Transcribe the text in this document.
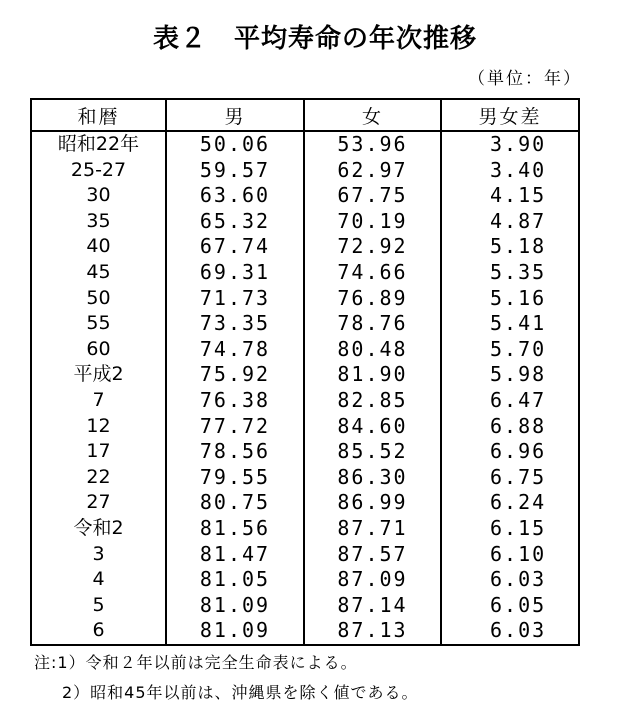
表２　平均寿命の年次推移
（単位：年）
和暦	男	女	男女差
昭和22年	50.06	53.96	3.90
25-27	59.57	62.97	3.40
30	63.60	67.75	4.15
35	65.32	70.19	4.87
40	67.74	72.92	5.18
45	69.31	74.66	5.35
50	71.73	76.89	5.16
55	73.35	78.76	5.41
60	74.78	80.48	5.70
平成2	75.92	81.90	5.98
7	76.38	82.85	6.47
12	77.72	84.60	6.88
17	78.56	85.52	6.96
22	79.55	86.30	6.75
27	80.75	86.99	6.24
令和2	81.56	87.71	6.15
3	81.47	87.57	6.10
4	81.05	87.09	6.03
5	81.09	87.14	6.05
6	81.09	87.13	6.03
注:1）令和２年以前は完全生命表による。
2）昭和45年以前は、沖縄県を除く値である。
